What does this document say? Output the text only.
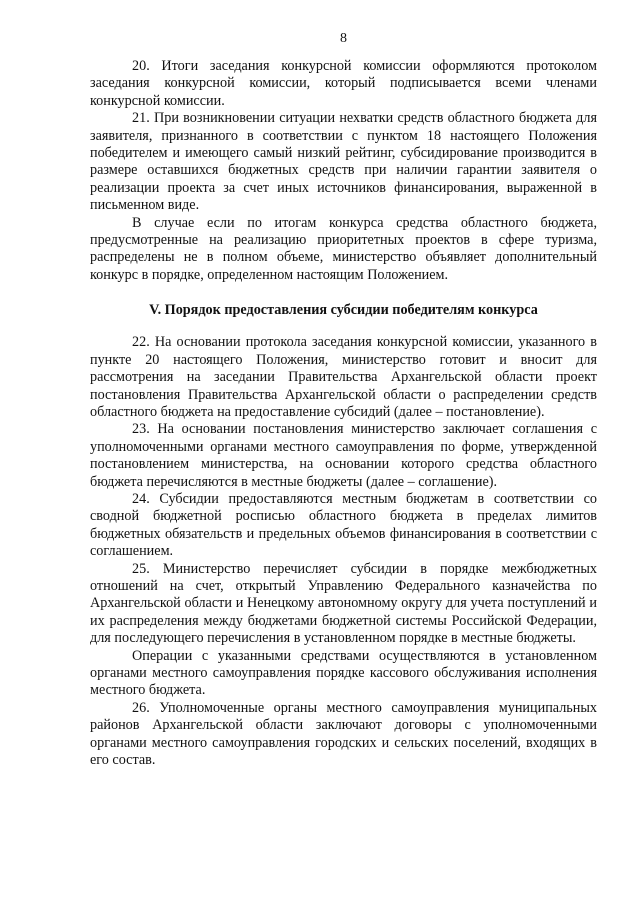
8

20. Итоги заседания конкурсной комиссии оформляются протоколом заседания конкурсной комиссии, который подписывается всеми членами конкурсной комиссии.

21. При возникновении ситуации нехватки средств областного бюджета для заявителя, признанного в соответствии с пунктом 18 настоящего Положения победителем и имеющего самый низкий рейтинг, субсидирование производится в размере оставшихся бюджетных средств при наличии гарантии заявителя о реализации проекта за счет иных источников финансирования, выраженной в письменном виде.

В случае если по итогам конкурса средства областного бюджета, предусмотренные на реализацию приоритетных проектов в сфере туризма, распределены не в полном объеме, министерство объявляет дополнительный конкурс в порядке, определенном настоящим Положением.

V. Порядок предоставления субсидии победителям конкурса

22. На основании протокола заседания конкурсной комиссии, указанного в пункте 20 настоящего Положения, министерство готовит и вносит для рассмотрения на заседании Правительства Архангельской области проект постановления Правительства Архангельской области о распределении средств областного бюджета на предоставление субсидий (далее – постановление).

23. На основании постановления министерство заключает соглашения с уполномоченными органами местного самоуправления по форме, утвержденной постановлением министерства, на основании которого средства областного бюджета перечисляются в местные бюджеты (далее – соглашение).

24. Субсидии предоставляются местным бюджетам в соответствии со сводной бюджетной росписью областного бюджета в пределах лимитов бюджетных обязательств и предельных объемов финансирования в соответствии с соглашением.

25. Министерство перечисляет субсидии в порядке межбюджетных отношений на счет, открытый Управлению Федерального казначейства по Архангельской области и Ненецкому автономному округу для учета поступлений и их распределения между бюджетами бюджетной системы Российской Федерации, для последующего перечисления в установленном порядке в местные бюджеты.

Операции с указанными средствами осуществляются в установленном органами местного самоуправления порядке кассового обслуживания исполнения местного бюджета.

26. Уполномоченные органы местного самоуправления муниципальных районов Архангельской области заключают договоры с уполномоченными органами местного самоуправления городских и сельских поселений, входящих в его состав.
